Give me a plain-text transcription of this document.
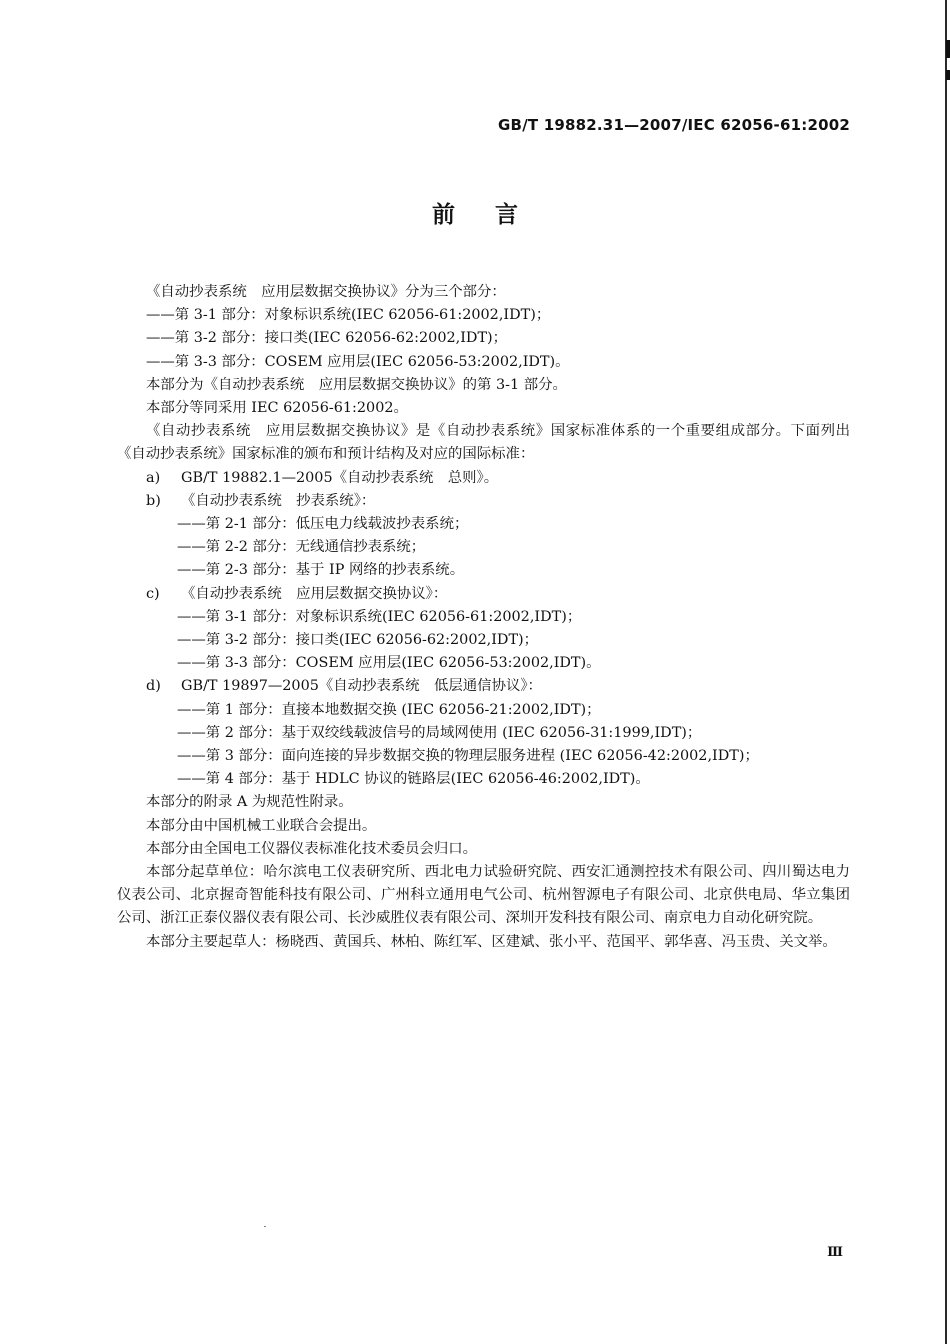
GB/T 19882.31—2007/IEC 62056-61:2002
前言

《自动抄表系统　应用层数据交换协议》分为三个部分：

——第 3-1 部分：对象标识系统(IEC 62056-61:2002,IDT)；

——第 3-2 部分：接口类(IEC 62056-62:2002,IDT)；

——第 3-3 部分：COSEM 应用层(IEC 62056-53:2002,IDT)。

本部分为《自动抄表系统　应用层数据交换协议》的第 3-1 部分。

本部分等同采用 IEC 62056-61:2002。

《自动抄表系统　应用层数据交换协议》是《自动抄表系统》国家标准体系的一个重要组成部分。下面列出《自动抄表系统》国家标准的颁布和预计结构及对应的国际标准：

a) GB/T 19882.1—2005《自动抄表系统　总则》。

b) 《自动抄表系统　抄表系统》：

——第 2-1 部分：低压电力线载波抄表系统；

——第 2-2 部分：无线通信抄表系统；

——第 2-3 部分：基于 IP 网络的抄表系统。

c) 《自动抄表系统　应用层数据交换协议》：

——第 3-1 部分：对象标识系统(IEC 62056-61:2002,IDT)；

——第 3-2 部分：接口类(IEC 62056-62:2002,IDT)；

——第 3-3 部分：COSEM 应用层(IEC 62056-53:2002,IDT)。

d) GB/T 19897—2005《自动抄表系统　低层通信协议》：

——第 1 部分：直接本地数据交换 (IEC 62056-21:2002,IDT)；

——第 2 部分：基于双绞线载波信号的局域网使用 (IEC 62056-31:1999,IDT)；

——第 3 部分：面向连接的异步数据交换的物理层服务进程 (IEC 62056-42:2002,IDT)；

——第 4 部分：基于 HDLC 协议的链路层(IEC 62056-46:2002,IDT)。

本部分的附录 A 为规范性附录。

本部分由中国机械工业联合会提出。

本部分由全国电工仪器仪表标准化技术委员会归口。

本部分起草单位：哈尔滨电工仪表研究所、西北电力试验研究院、西安汇通测控技术有限公司、四川蜀达电力仪表公司、北京握奇智能科技有限公司、广州科立通用电气公司、杭州智源电子有限公司、北京供电局、华立集团公司、浙江正泰仪器仪表有限公司、长沙威胜仪表有限公司、深圳开发科技有限公司、南京电力自动化研究院。

本部分主要起草人：杨晓西、黄国兵、林柏、陈红军、区建斌、张小平、范国平、郭华喜、冯玉贵、关文举。

Ⅲ
